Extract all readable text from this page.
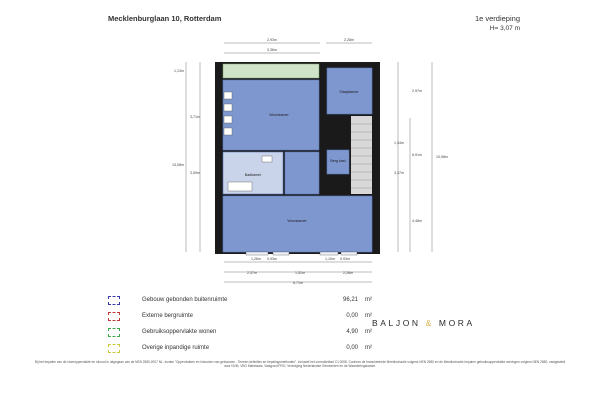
Mecklenburglaan 10, Rotterdam	1e verdieping
H= 3,07 m
2,93m	2,28m
3,36m
1,13m
3,71m
3,59m
13,08m
2,97m
1,34m
3,37m
4,48m
6,91m	10,98m
1,26m 0,93m	1,10m 0,93m
2,37m	1,52m	2,28m
6,71m
Woonkamer
Slaapkamer
Badkamer
Berg kast
Woonkamer
Gebouw gebonden buitenruimte	96,21 m²
Externe bergruimte	0,00 m²
Gebruiksoppervlakte wonen	4,90 m²
Overige inpandige ruimte	0,00 m²
BALJON & MORA
Bij het bepalen van de vloeroppervlakte en inhoud in uitgegaan van de NEN 2580:2007 NL. Inzake "Oppervlakten en inhouden van gebouwen - Termen definities en bepalingsmethoden", inclusief het correctieblad C1:2008. Conform de branchebrede Meetinstructie volgens NEN 2580 en de Meetinstructie bepalen gebruiksoppervlakte woningen volgens NEN 2580, vastgesteld door NVM, VBO Makelaars, Vastgoed PRO, Vereniging Nederlandse Gemeenten en de Waarderingskamer.
